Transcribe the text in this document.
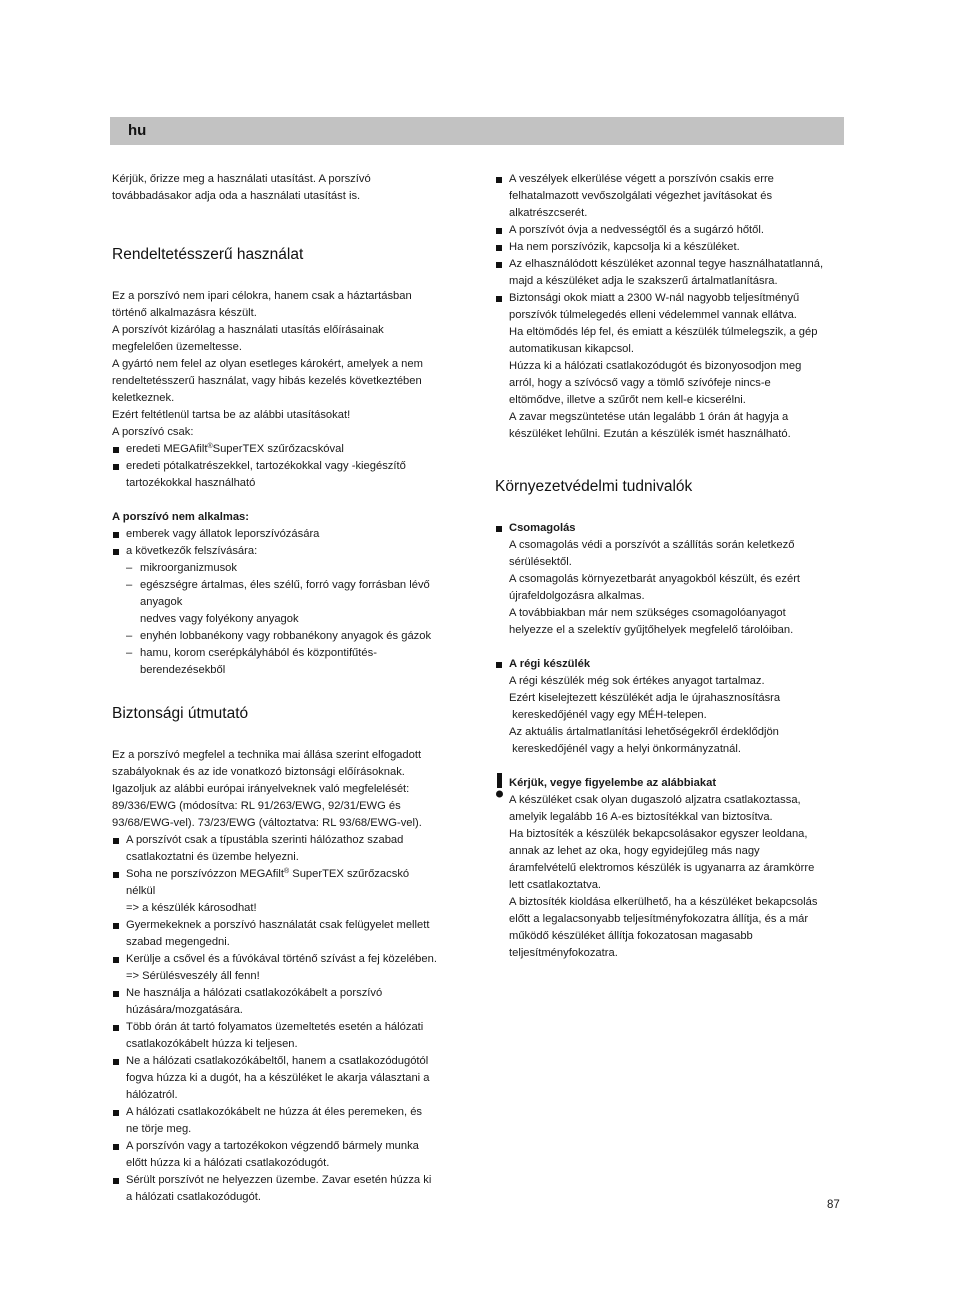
hu

Kérjük, őrizze meg a használati utasítást. A porszívó

továbbadásakor adja oda a használati utasítást is.

Rendeltetésszerű használat

Ez a porszívó nem ipari célokra, hanem csak a háztartásban

történő alkalmazásra készült.

A porszívót kizárólag a használati utasítás előírásainak

megfelelően üzemeltesse.

A gyártó nem felel az olyan esetleges károkért, amelyek a nem

rendeltetésszerű használat, vagy hibás kezelés következtében

keletkeznek.

Ezért feltétlenül tartsa be az alábbi utasításokat!

A porszívó csak:

eredeti MEGAfilt®SuperTEX szűrőzacskóval

eredeti pótalkatrészekkel, tartozékokkal vagy -kiegészítő

tartozékokkal használható

A porszívó nem alkalmas:

emberek vagy állatok leporszívózására

a következők felszívására:

– mikroorganizmusok

– egészségre ártalmas, éles szélű, forró vagy forrásban lévő

anyagok

nedves vagy folyékony anyagok

– enyhén lobbanékony vagy robbanékony anyagok és gázok

– hamu, korom cserépkályhából és központifűtés-

berendezésekből

Biztonsági útmutató

Ez a porszívó megfelel a technika mai állása szerint elfogadott

szabályoknak és az ide vonatkozó biztonsági előírásoknak.

Igazoljuk az alábbi európai irányelveknek való megfelelését:

89/336/EWG (módosítva: RL 91/263/EWG, 92/31/EWG és

93/68/EWG-vel). 73/23/EWG (változtatva: RL 93/68/EWG-vel).

A porszívót csak a típustábla szerinti hálózathoz szabad

csatlakoztatni és üzembe helyezni.

Soha ne porszívózzon MEGAfilt® SuperTEX szűrőzacskó

nélkül

=> a készülék károsodhat!

Gyermekeknek a porszívó használatát csak felügyelet mellett

szabad megengedni.

Kerülje a csővel és a fúvókával történő szívást a fej közelében.

=> Sérülésveszély áll fenn!

Ne használja a hálózati csatlakozókábelt a porszívó

húzására/mozgatására.

Több órán át tartó folyamatos üzemeltetés esetén a hálózati

csatlakozókábelt húzza ki teljesen.

Ne a hálózati csatlakozókábeltől, hanem a csatlakozódugótól

fogva húzza ki a dugót, ha a készüléket le akarja választani a

hálózatról.

A hálózati csatlakozókábelt ne húzza át éles peremeken, és

ne törje meg.

A porszívón vagy a tartozékokon végzendő bármely munka

előtt húzza ki a hálózati csatlakozódugót.

Sérült porszívót ne helyezzen üzembe. Zavar esetén húzza ki

a hálózati csatlakozódugót.

A veszélyek elkerülése végett a porszívón csakis erre

felhatalmazott vevőszolgálati végezhet javításokat és

alkatrészcserét.

A porszívót óvja a nedvességtől és a sugárzó hőtől.

Ha nem porszívózik, kapcsolja ki a készüléket.

Az elhasználódott készüléket azonnal tegye használhatatlanná,

majd a készüléket adja le szakszerű ártalmatlanításra.

Biztonsági okok miatt a 2300 W-nál nagyobb teljesítményű

porszívók túlmelegedés elleni védelemmel vannak ellátva.

Ha eltömődés lép fel, és emiatt a készülék túlmelegszik, a gép

automatikusan kikapcsol.

Húzza ki a hálózati csatlakozódugót és bizonyosodjon meg

arról, hogy a szívócső vagy a tömlő szívófeje nincs-e

eltömődve, illetve a szűrőt nem kell-e kicserélni.

A zavar megszüntetése után legalább 1 órán át hagyja a

készüléket lehűlni. Ezután a készülék ismét használható.

Környezetvédelmi tudnivalók

Csomagolás

A csomagolás védi a porszívót a szállítás során keletkező

sérülésektől.

A csomagolás környezetbarát anyagokból készült, és ezért

újrafeldolgozásra alkalmas.

A továbbiakban már nem szükséges csomagolóanyagot

helyezze el a szelektív gyűjtőhelyek megfelelő tárolóiban.

A régi készülék

A régi készülék még sok értékes anyagot tartalmaz.

Ezért kiselejtezett készülékét adja le újrahasznosításra

kereskedőjénél vagy egy MÉH-telepen.

Az aktuális ártalmatlanítási lehetőségekről érdeklődjön

kereskedőjénél vagy a helyi önkormányzatnál.

Kérjük, vegye figyelembe az alábbiakat

A készüléket csak olyan dugaszoló aljzatra csatlakoztassa,

amelyik legalább 16 A-es biztosítékkal van biztosítva.

Ha biztosíték a készülék bekapcsolásakor egyszer leoldana,

annak az lehet az oka, hogy egyidejűleg más nagy

áramfelvételű elektromos készülék is ugyanarra az áramkörre

lett csatlakoztatva.

A biztosíték kioldása elkerülhető, ha a készüléket bekapcsolás

előtt a legalacsonyabb teljesítményfokozatra állítja, és a már

működő készüléket állítja fokozatosan magasabb

teljesítményfokozatra.

87
